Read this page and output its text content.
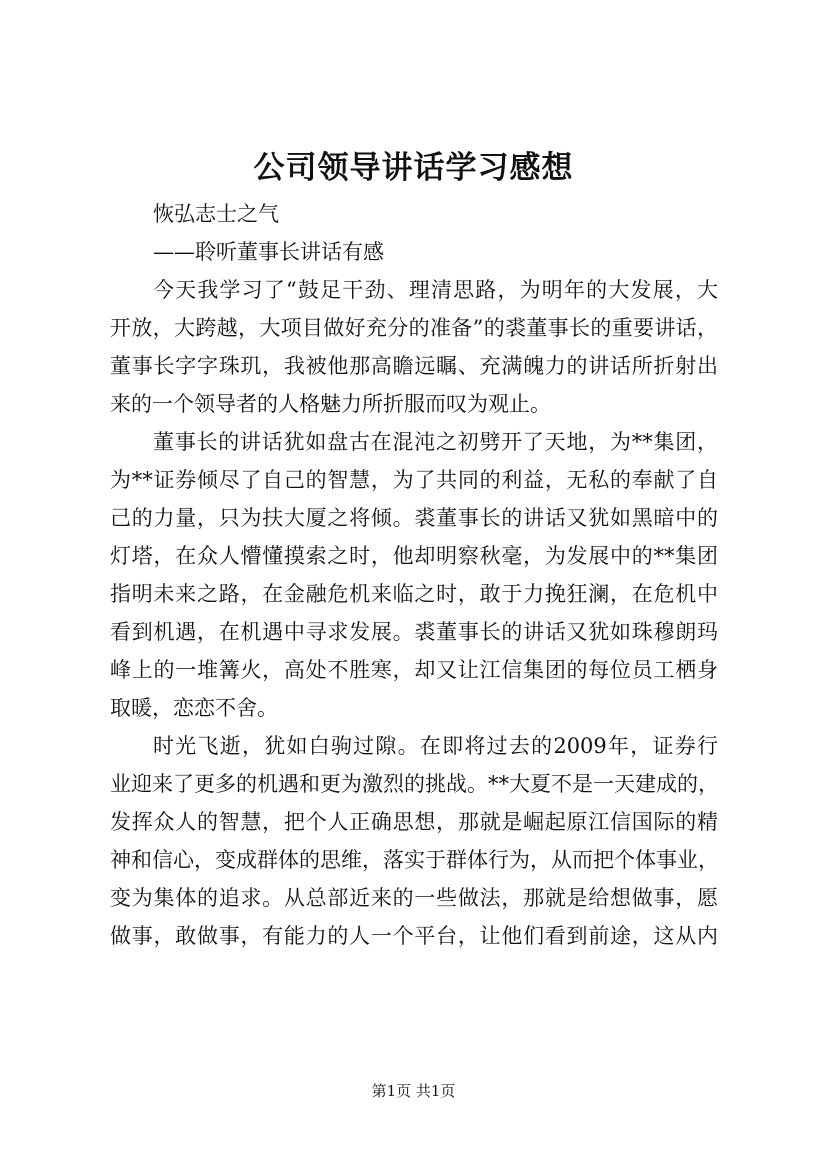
公司领导讲话学习感想
恢弘志士之气
——聆听董事长讲话有感
今天我学习了“鼓足干劲、理清思路，为明年的大发展，大
开放，大跨越，大项目做好充分的准备”的裘董事长的重要讲话，
董事长字字珠玑，我被他那高瞻远瞩、充满魄力的讲话所折射出
来的一个领导者的人格魅力所折服而叹为观止。
董事长的讲话犹如盘古在混沌之初劈开了天地，为**集团，
为**证券倾尽了自己的智慧，为了共同的利益，无私的奉献了自
己的力量，只为扶大厦之将倾。裘董事长的讲话又犹如黑暗中的
灯塔，在众人懵懂摸索之时，他却明察秋毫，为发展中的**集团
指明未来之路，在金融危机来临之时，敢于力挽狂澜，在危机中
看到机遇，在机遇中寻求发展。裘董事长的讲话又犹如珠穆朗玛
峰上的一堆篝火，高处不胜寒，却又让江信集团的每位员工栖身
取暖，恋恋不舍。
时光飞逝，犹如白驹过隙。在即将过去的2009年，证券行
业迎来了更多的机遇和更为激烈的挑战。**大夏不是一天建成的，
发挥众人的智慧，把个人正确思想，那就是崛起原江信国际的精
神和信心，变成群体的思维，落实于群体行为，从而把个体事业，
变为集体的追求。从总部近来的一些做法，那就是给想做事，愿
做事，敢做事，有能力的人一个平台，让他们看到前途，这从内
第1页 共1页
